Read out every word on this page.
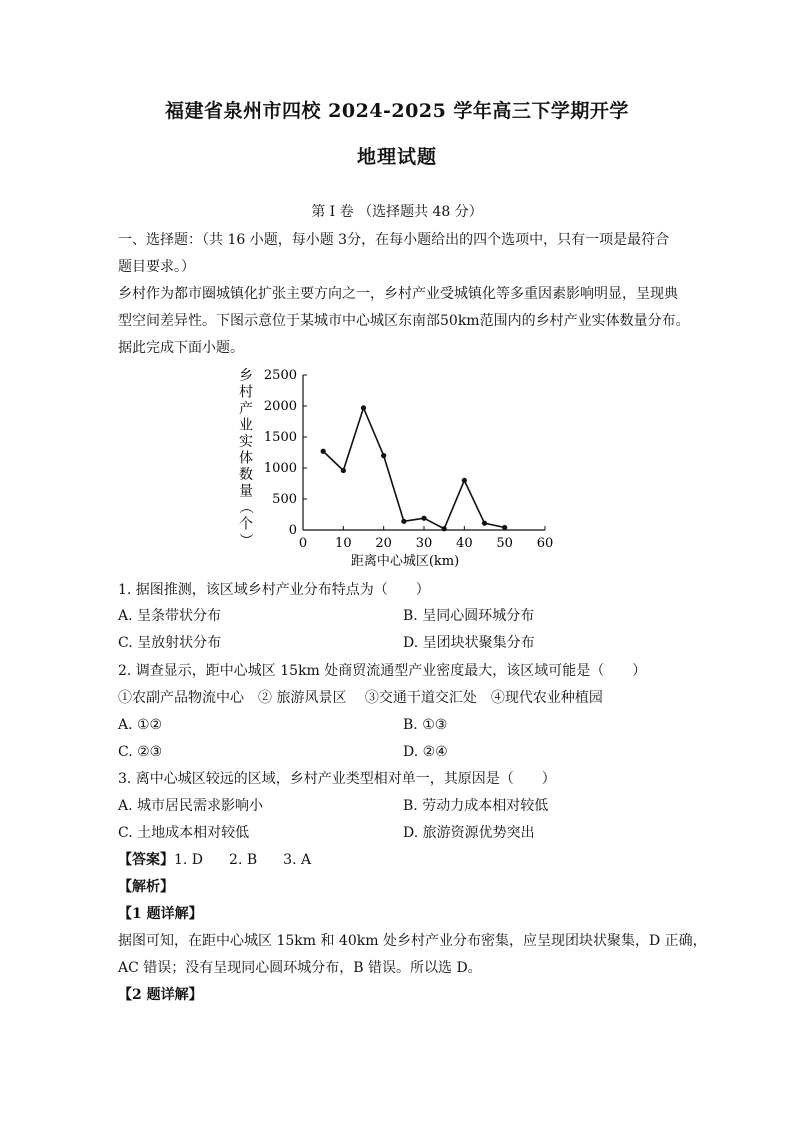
福建省泉州市四校 2024-2025 学年高三下学期开学
地理试题
第 I 卷 （选择题共 48 分）
一、选择题：（共 16 小题，每小题 3分，在每小题给出的四个选项中，只有一项是最符合
题目要求。）
乡村作为都市圈城镇化扩张主要方向之一，乡村产业受城镇化等多重因素影响明显，呈现典
型空间差异性。下图示意位于某城市中心城区东南部50km范围内的乡村产业实体数量分布。
据此完成下面小题。
0
500
1000
1500
2000
2500
0 10 20 30 40 50 60
乡
村
产
业
实
体
数
量
（
个
）
距离中心城区(km)
1. 据图推测，该区域乡村产业分布特点为（　　）
A. 呈条带状分布	B. 呈同心圆环城分布
C. 呈放射状分布	D. 呈团块状聚集分布
2. 调查显示，距中心城区 15km 处商贸流通型产业密度最大，该区域可能是（　　）
①农副产品物流中心　② 旅游风景区　 ③交通干道交汇处　④现代农业种植园
A. ①②	B. ①③
C. ②③	D. ②④
3. 离中心城区较远的区域，乡村产业类型相对单一，其原因是（　　）
A. 城市居民需求影响小	B. 劳动力成本相对较低
C. 土地成本相对较低	D. 旅游资源优势突出
【答案】1. D 2. B 3. A
【解析】
【1 题详解】
据图可知，在距中心城区 15km 和 40km 处乡村产业分布密集，应呈现团块状聚集，D 正确，
AC 错误；没有呈现同心圆环城分布，B 错误。所以选 D。
【2 题详解】
